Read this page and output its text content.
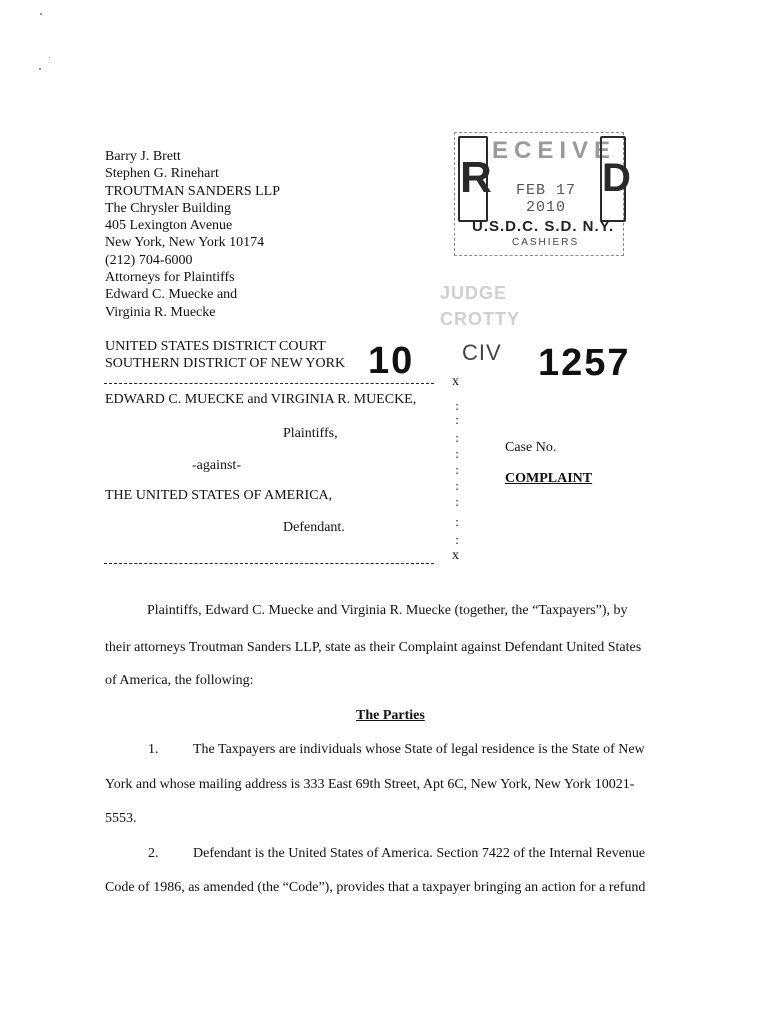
Barry J. Brett
Stephen G. Rinehart
TROUTMAN SANDERS LLP
The Chrysler Building
405 Lexington Avenue
New York, New York 10174
(212) 704-6000
Attorneys for Plaintiffs
Edward C. Muecke and
Virginia R. Muecke
R
ECEIVE
D
FEB 17 2010
U.S.D.C. S.D. N.Y.
CASHIERS
JUDGE CROTTY
UNITED STATES DISTRICT COURT
SOUTHERN DISTRICT OF NEW YORK 10 CIV 1257
x
EDWARD C. MUECKE and VIRGINIA R. MUECKE,
Plaintiffs,
-against-
THE UNITED STATES OF AMERICA,
Defendant.
:
:
:
:
:
:
:
:
:
x
Case No.
COMPLAINT
Plaintiffs, Edward C. Muecke and Virginia R. Muecke (together, the “Taxpayers”), by
their attorneys Troutman Sanders LLP, state as their Complaint against Defendant United States
of America, the following:
The Parties
1. The Taxpayers are individuals whose State of legal residence is the State of New
York and whose mailing address is 333 East 69th Street, Apt 6C, New York, New York 10021-
5553.
2. Defendant is the United States of America. Section 7422 of the Internal Revenue
Code of 1986, as amended (the “Code”), provides that a taxpayer bringing an action for a refund
